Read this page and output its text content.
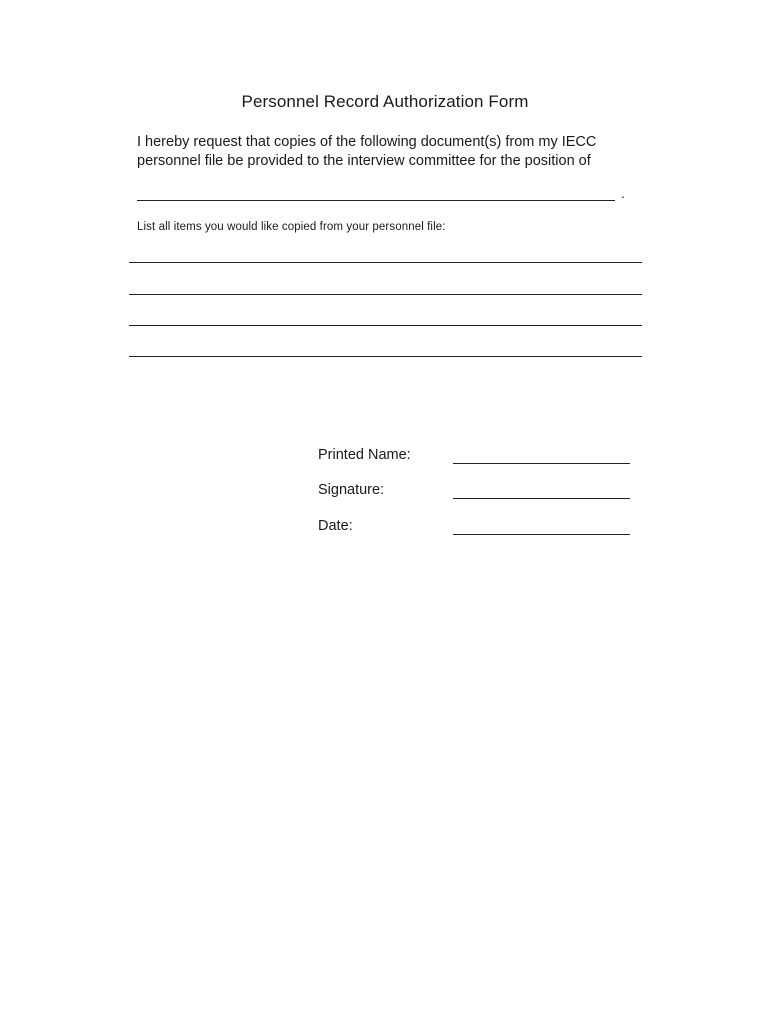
Personnel Record Authorization Form
I hereby request that copies of the following document(s) from my IECC
personnel file be provided to the interview committee for the position of
.
List all items you would like copied from your personnel file:
Printed Name:
Signature:
Date:
